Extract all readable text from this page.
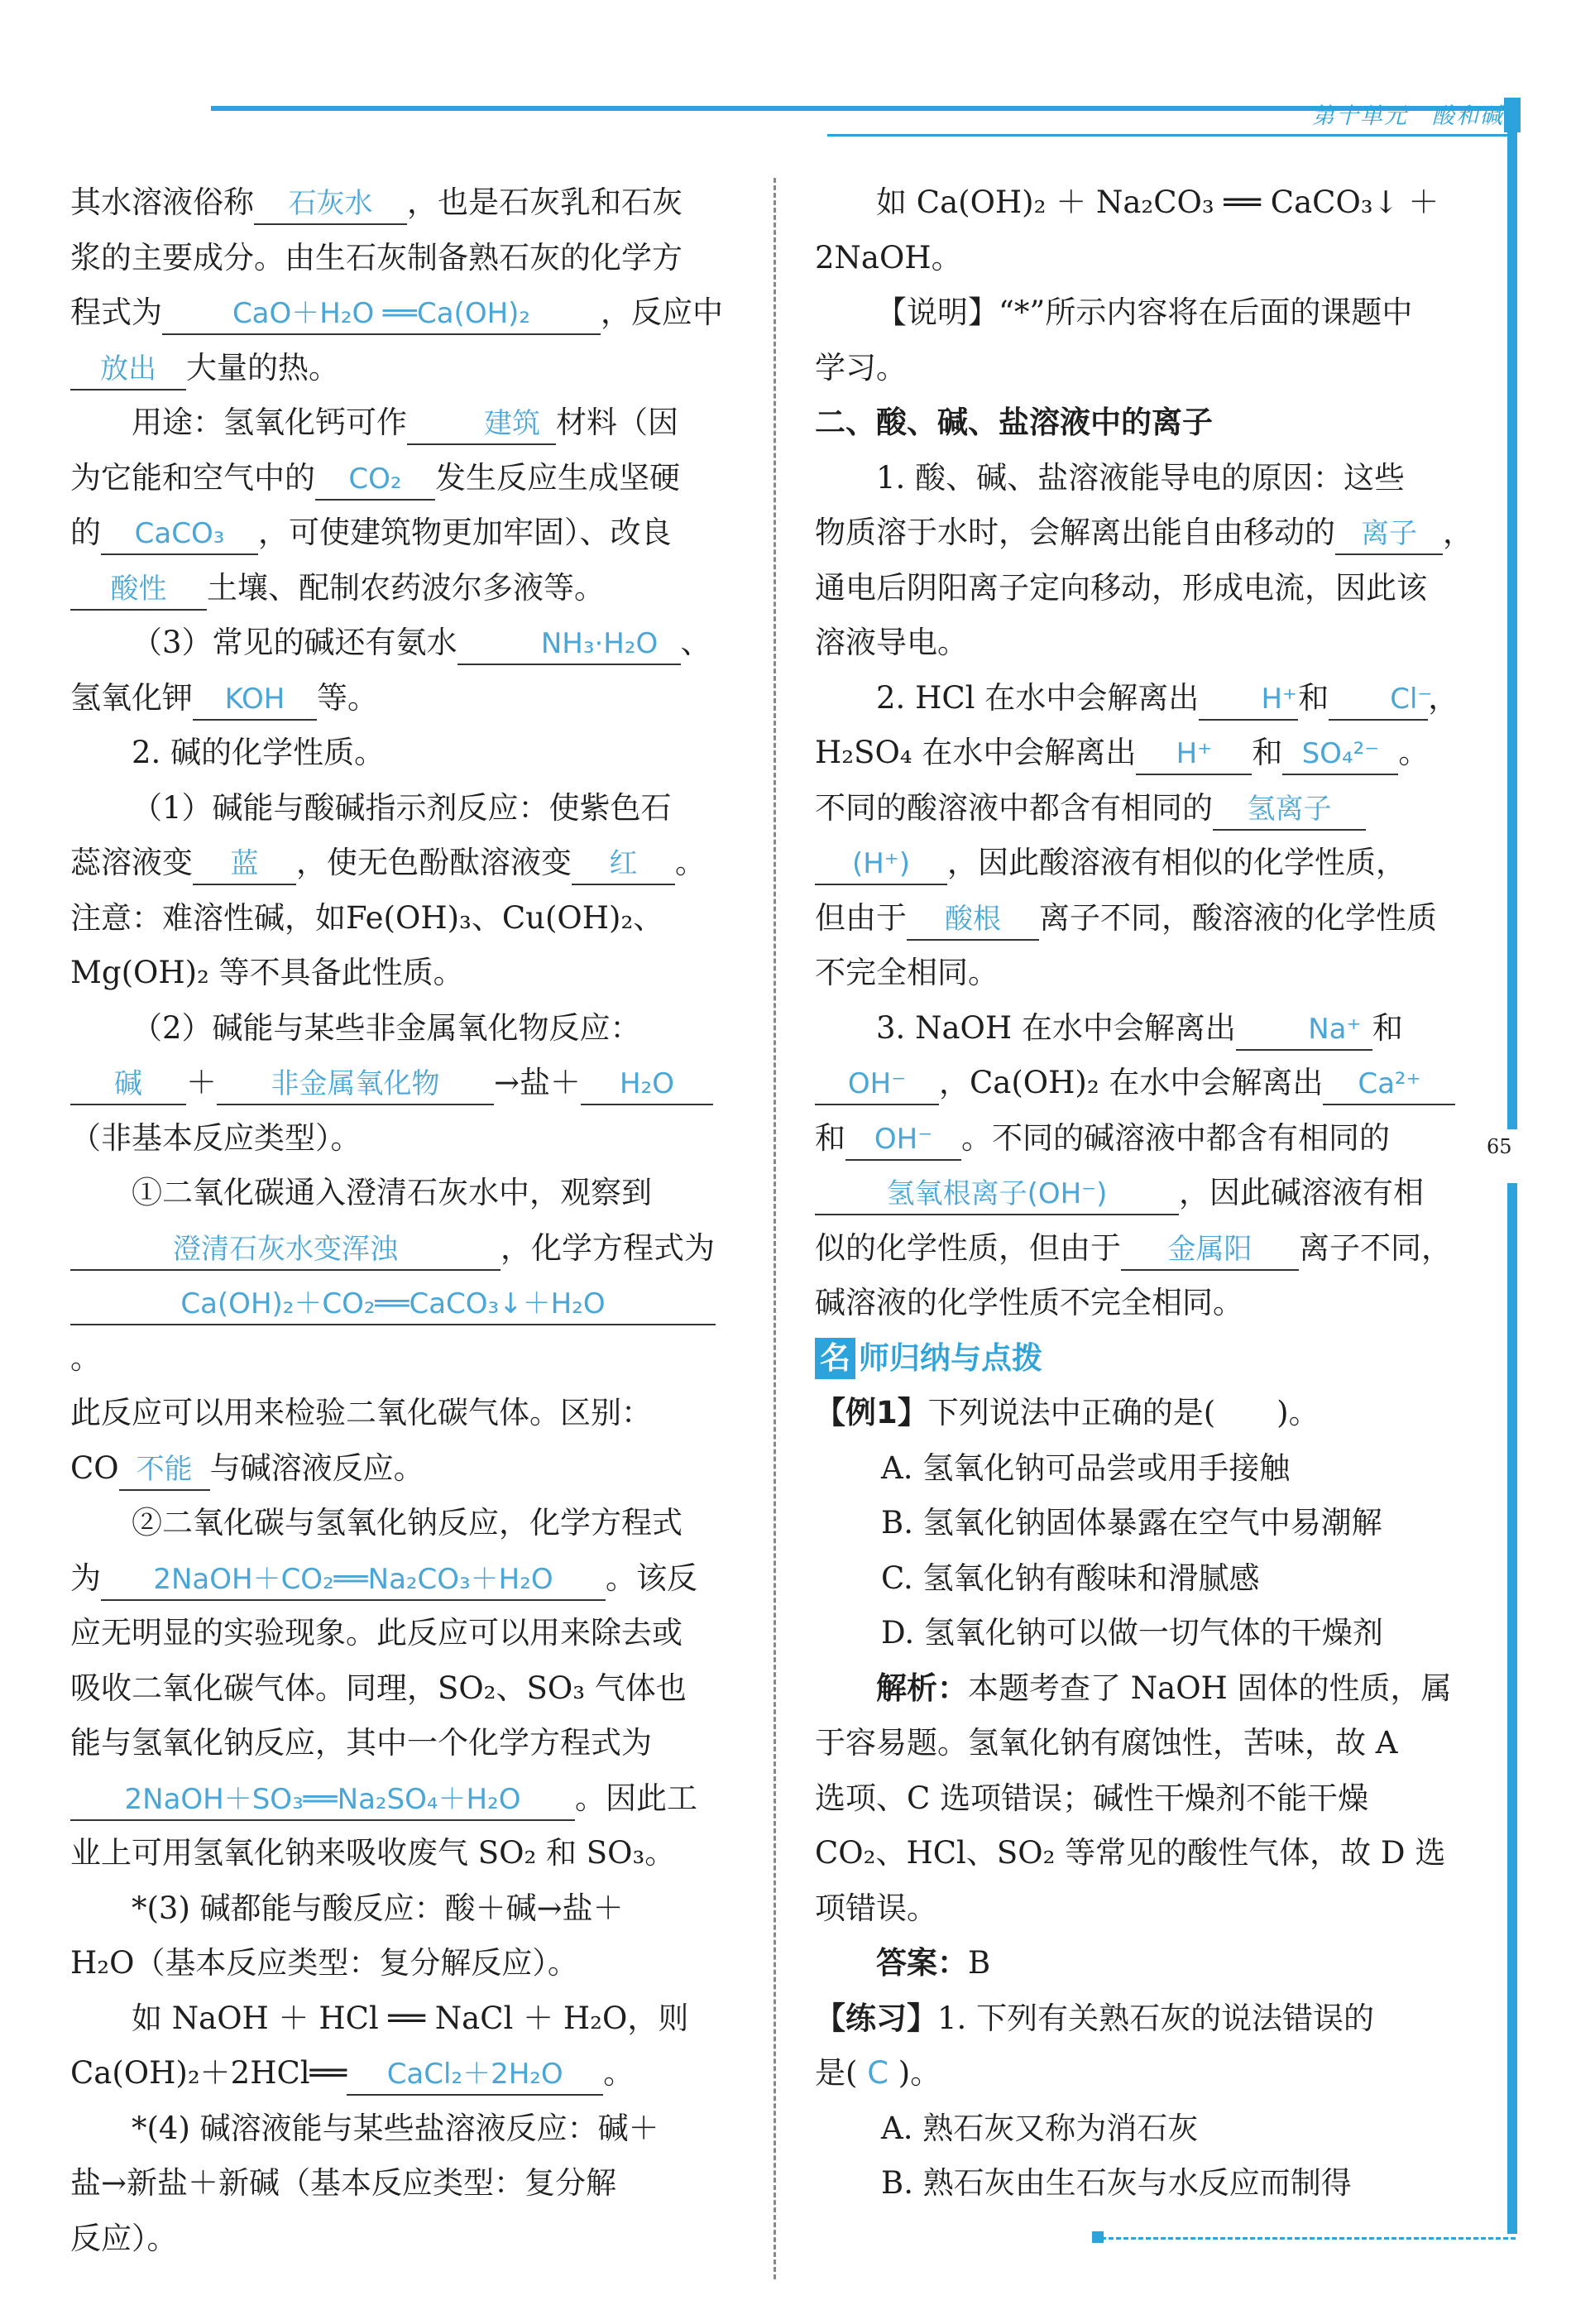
第十单元　 酸和碱
65

其水溶液俗称 石灰水 ，也是石灰乳和石灰

浆的主要成分。由生石灰制备熟石灰的化学方

程式为 CaO＋H₂O ══Ca(OH)₂ ，反应中

放出 大量的热。

用途：氢氧化钙可作	建筑 材料（因

为它能和空气中的 CO₂ 发生反应生成坚硬

的 CaCO₃ ，可使建筑物更加牢固）、改良

酸性 土壤、配制农药波尔多液等。

（3）常见的碱还有氨水	NH₃·H₂O 、

氢氧化钾 KOH 等。

2. 碱的化学性质。

（1）碱能与酸碱指示剂反应：使紫色石

蕊溶液变 蓝 ，使无色酚酞溶液变 红 。

注意：难溶性碱，如Fe(OH)₃、Cu(OH)₂、

Mg(OH)₂ 等不具备此性质。

（2）碱能与某些非金属氧化物反应：

碱 ＋ 非金属氧化物 →盐＋ H₂O

（非基本反应类型）。

①二氧化碳通入澄清石灰水中，观察到

澄清石灰水变浑浊	，化学方程式为

Ca(OH)₂＋CO₂══CaCO₃↓＋H₂O。

此反应可以用来检验二氧化碳气体。区别：

CO 不能 与碱溶液反应。

②二氧化碳与氢氧化钠反应，化学方程式

为 2NaOH＋CO₂══Na₂CO₃＋H₂O 。该反

应无明显的实验现象。此反应可以用来除去或

吸收二氧化碳气体。同理，SO₂、SO₃ 气体也

能与氢氧化钠反应，其中一个化学方程式为

2NaOH＋SO₃══Na₂SO₄＋H₂O 。因此工

业上可用氢氧化钠来吸收废气 SO₂ 和 SO₃。

*(3) 碱都能与酸反应：酸＋碱→盐＋

H₂O（基本反应类型：复分解反应）。

如 NaOH ＋ HCl ══ NaCl ＋ H₂O，则

Ca(OH)₂＋2HCl══ CaCl₂＋2H₂O 。

*(4) 碱溶液能与某些盐溶液反应：碱＋

盐→新盐＋新碱（基本反应类型：复分解

反应）。

如 Ca(OH)₂ ＋ Na₂CO₃ ══ CaCO₃↓ ＋

2NaOH。

【说明】“*”所示内容将在后面的课题中

学习。

二、酸、碱、盐溶液中的离子

1. 酸、碱、盐溶液能导电的原因：这些

物质溶于水时，会解离出能自由移动的 离子 ，

通电后阴阳离子定向移动，形成电流，因此该

溶液导电。

2. HCl 在水中会解离出 H⁺和 Cl⁻，

H₂SO₄ 在水中会解离出 H⁺ 和 SO₄²⁻ 。

不同的酸溶液中都含有相同的 氢离子

(H⁺) ，因此酸溶液有相似的化学性质，

但由于 酸根 离子不同，酸溶液的化学性质

不完全相同。

3. NaOH 在水中会解离出	Na⁺ 和

OH⁻ ，Ca(OH)₂ 在水中会解离出 Ca²⁺

和 OH⁻ 。不同的碱溶液中都含有相同的

氢氧根离子(OH⁻) ，因此碱溶液有相

似的化学性质，但由于 金属阳 离子不同，

碱溶液的化学性质不完全相同。

名 师归纳与点拨

【例1】下列说法中正确的是(　　)。

A. 氢氧化钠可品尝或用手接触

B. 氢氧化钠固体暴露在空气中易潮解

C. 氢氧化钠有酸味和滑腻感

D. 氢氧化钠可以做一切气体的干燥剂

解析：本题考查了 NaOH 固体的性质，属

于容易题。氢氧化钠有腐蚀性，苦味，故 A

选项、C 选项错误；碱性干燥剂不能干燥

CO₂、HCl、SO₂ 等常见的酸性气体，故 D 选

项错误。

答案：B

【练习】1. 下列有关熟石灰的说法错误的

是( C )。

A. 熟石灰又称为消石灰

B. 熟石灰由生石灰与水反应而制得
